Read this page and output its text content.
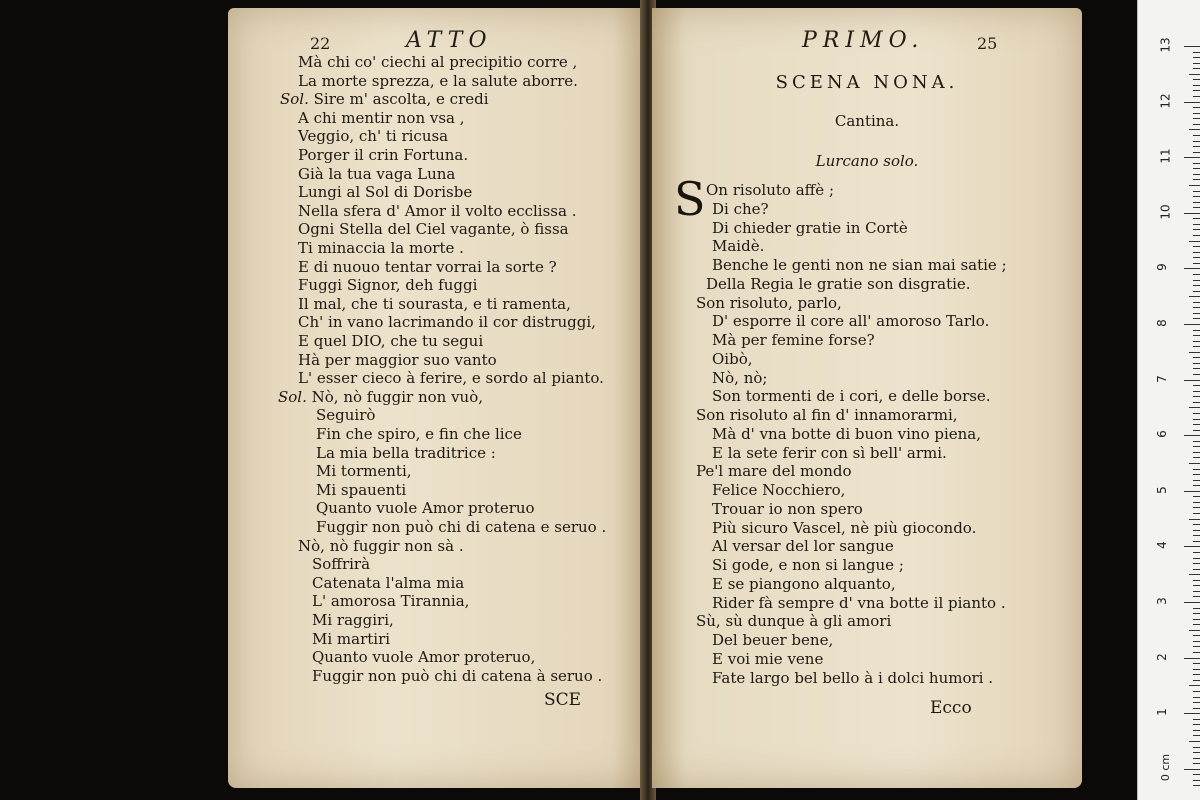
22	ATTO
Mà chi co' ciechi al precipitio corre ,
La morte sprezza, e la salute aborre.
Sol. Sire m' ascolta, e credi
A chi mentir non vsa ,
Veggio, ch' ti ricusa
Porger il crin Fortuna.
Già la tua vaga Luna
Lungi al Sol di Dorisbe
Nella sfera d' Amor il volto ecclissa .
Ogni Stella del Ciel vagante, ò fissa
Ti minaccia la morte .
E di nuouo tentar vorrai la sorte ?
Fuggi Signor, deh fuggi
Il mal, che ti sourasta, e ti ramenta,
Ch' in vano lacrimando il cor distruggi,
E quel DIO, che tu segui
Hà per maggior suo vanto
L' esser cieco à ferire, e sordo al pianto.
Sol. Nò, nò fuggir non vuò,
Seguirò
Fin che spiro, e fin che lice
La mia bella traditrice :
Mi tormenti,
Mi spauenti
Quanto vuole Amor proteruo
Fuggir non può chi di catena e seruo .
Nò, nò fuggir non sà .
Soffrirà
Catenata l'alma mia
L' amorosa Tirannia,
Mi raggiri,
Mi martiri
Quanto vuole Amor proteruo,
Fuggir non può chi di catena à seruo .
SCE
PRIMO.	25
SCENA NONA.
Cantina.
Lurcano solo.
S On risoluto affè ;
Di che?
Di chieder gratie in Cortè
Maidè.
Benche le genti non ne sian mai satie ;
Della Regia le gratie son disgratie.
Son risoluto, parlo,
D' esporre il core all' amoroso Tarlo.
Mà per femine forse?
Oibò,
Nò, nò;
Son tormenti de i cori, e delle borse.
Son risoluto al fin d' innamorarmi,
Mà d' vna botte di buon vino piena,
E la sete ferir con sì bell' armi.
Pe'l mare del mondo
Felice Nocchiero,
Trouar io non spero
Più sicuro Vascel, nè più giocondo.
Al versar del lor sangue
Si gode, e non si langue ;
E se piangono alquanto,
Rider fà sempre d' vna botte il pianto .
Sù, sù dunque à gli amori
Del beuer bene,
E voi mie vene
Fate largo bel bello à i dolci humori .
Ecco
13
12
11
10
9
8
7
6
5
4
3
2
1
0 cm
